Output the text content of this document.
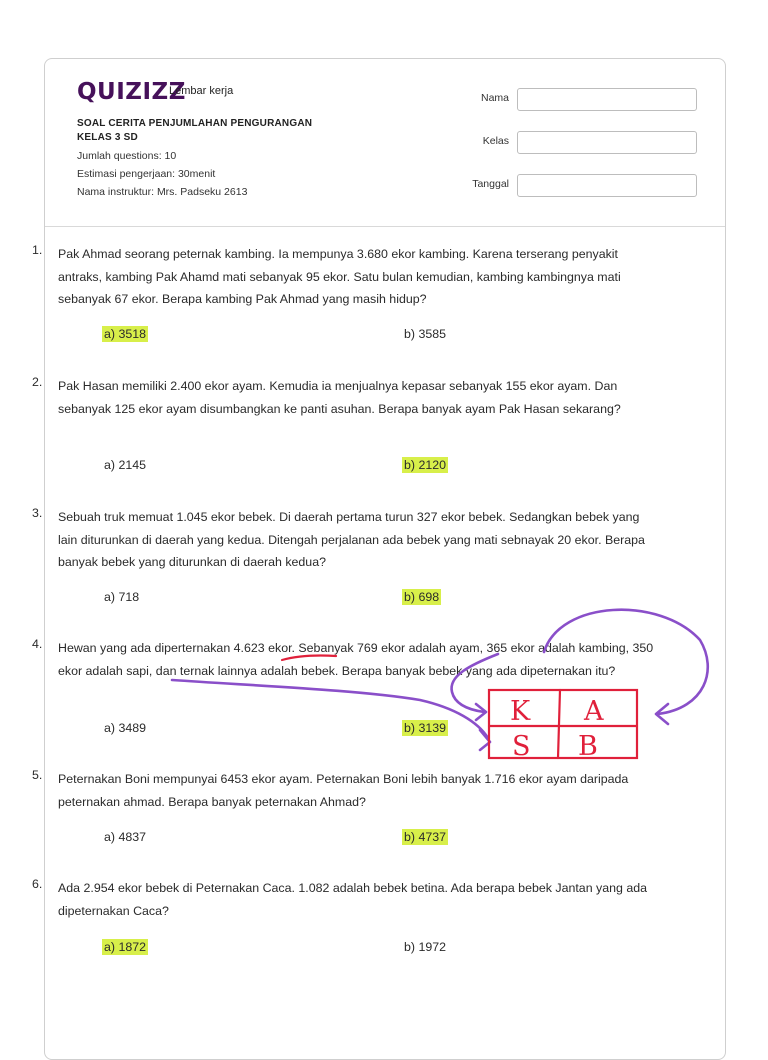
QUIZIZZ
Lembar kerja
SOAL CERITA PENJUMLAHAN PENGURANGAN
KELAS 3 SD
Jumlah questions: 10
Estimasi pengerjaan: 30menit
Nama instruktur: Mrs. Padseku 2613
Nama
Kelas
Tanggal
1. Pak Ahmad seorang peternak kambing. Ia mempunya 3.680 ekor kambing. Karena terserang penyakit antraks, kambing Pak Ahamd mati sebanyak 95 ekor. Satu bulan kemudian, kambing kambingnya mati sebanyak 67 ekor. Berapa kambing Pak Ahmad yang masih hidup?
a) 3518	b) 3585
2. Pak Hasan memiliki 2.400 ekor ayam. Kemudia ia menjualnya kepasar sebanyak 155 ekor ayam. Dan sebanyak 125 ekor ayam disumbangkan ke panti asuhan. Berapa banyak ayam Pak Hasan sekarang?
a) 2145	b) 2120
3. Sebuah truk memuat 1.045 ekor bebek. Di daerah pertama turun 327 ekor bebek. Sedangkan bebek yang lain diturunkan di daerah yang kedua. Ditengah perjalanan ada bebek yang mati sebnayak 20 ekor. Berapa banyak bebek yang diturunkan di daerah kedua?
a) 718	b) 698
4. Hewan yang ada diperternakan 4.623 ekor. Sebanyak 769 ekor adalah ayam, 365 ekor adalah kambing, 350 ekor adalah sapi, dan ternak lainnya adalah bebek. Berapa banyak bebek yang ada dipeternakan itu?
a) 3489	b) 3139
5. Peternakan Boni mempunyai 6453 ekor ayam. Peternakan Boni lebih banyak 1.716 ekor ayam daripada peternakan ahmad. Berapa banyak peternakan Ahmad?
a) 4837	b) 4737
6. Ada 2.954 ekor bebek di Peternakan Caca. 1.082 adalah bebek betina. Ada berapa bebek Jantan yang ada dipeternakan Caca?
a) 1872	b) 1972
K A
S B
